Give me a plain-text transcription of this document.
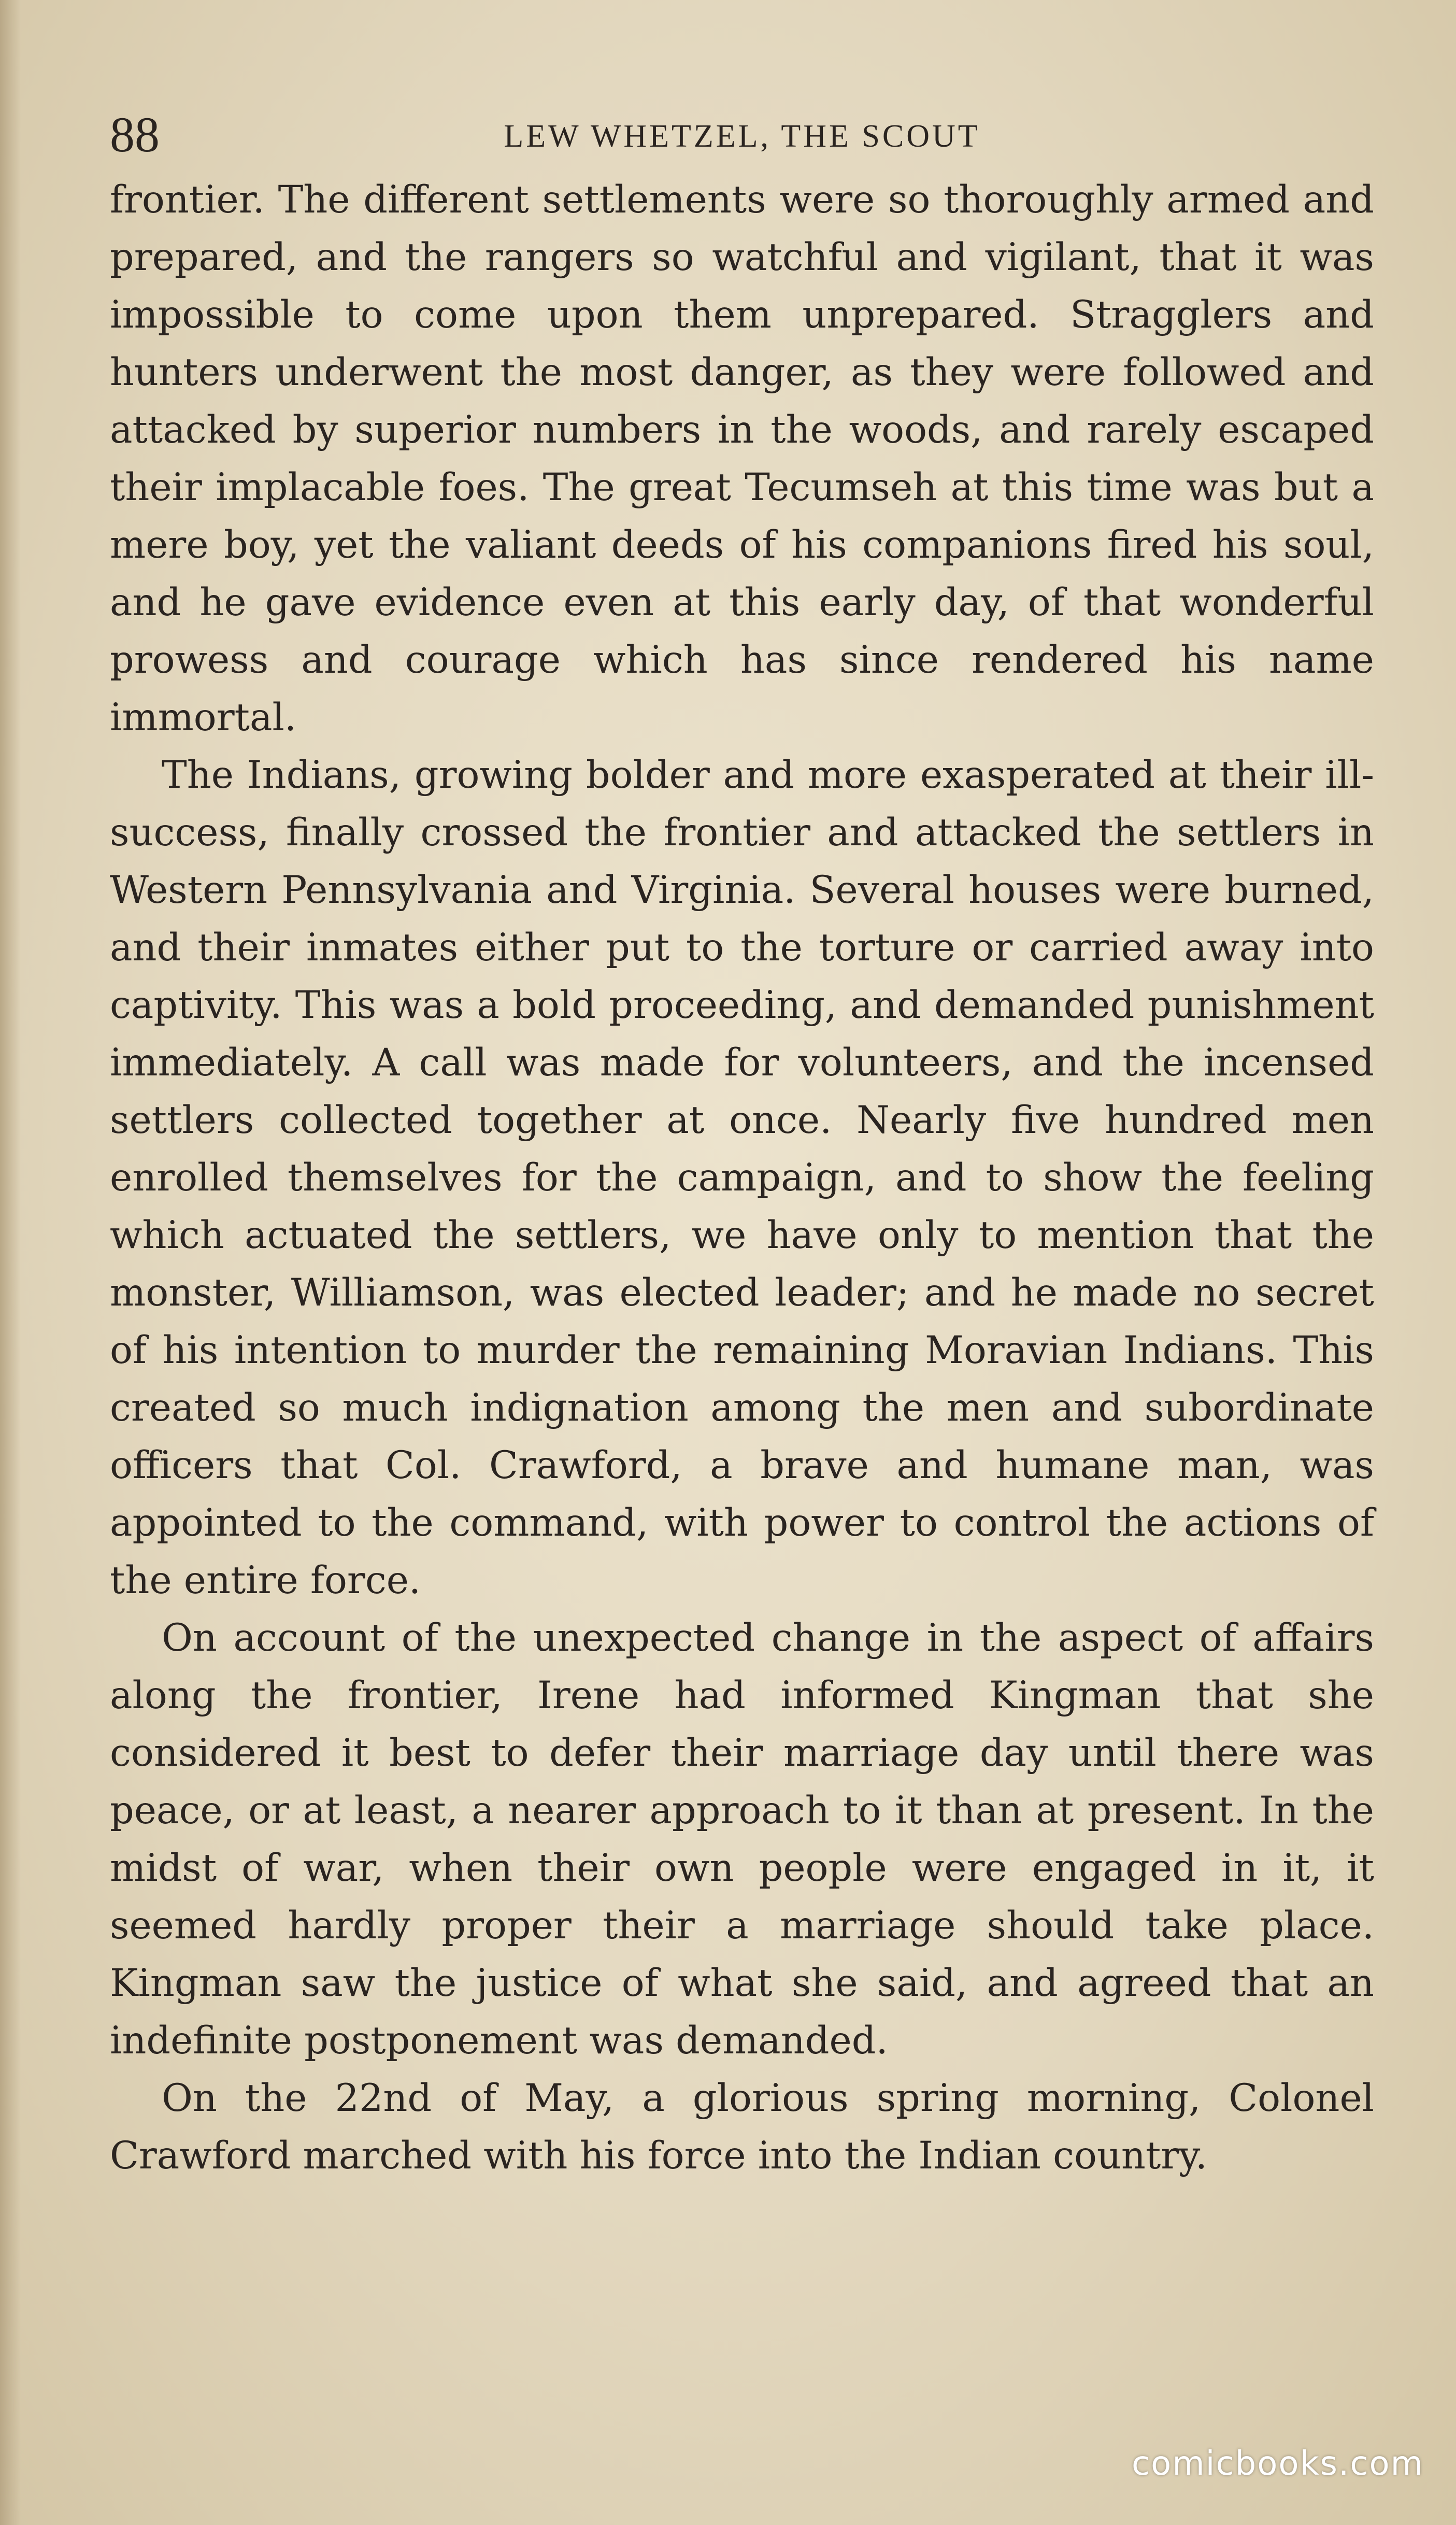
88	LEW WHETZEL, THE SCOUT

frontier. The different settlements were so thoroughly armed and prepared, and the rangers so watchful and vigilant, that it was impossible to come upon them unprepared. Stragglers and hunters underwent the most danger, as they were followed and attacked by superior numbers in the woods, and rarely escaped their implacable foes. The great Tecumseh at this time was but a mere boy, yet the valiant deeds of his companions fired his soul, and he gave evidence even at this early day, of that wonderful prowess and courage which has since rendered his name immortal.

The Indians, growing bolder and more exasperated at their ill-success, finally crossed the frontier and attacked the settlers in Western Pennsylvania and Virginia. Several houses were burned, and their inmates either put to the torture or carried away into captivity. This was a bold proceeding, and demanded punishment immediately. A call was made for volunteers, and the incensed settlers collected together at once. Nearly five hundred men enrolled themselves for the campaign, and to show the feeling which actuated the settlers, we have only to mention that the monster, Williamson, was elected leader; and he made no secret of his intention to murder the remaining Moravian Indians. This created so much indignation among the men and subordinate officers that Col. Crawford, a brave and humane man, was appointed to the command, with power to control the actions of the entire force.

On account of the unexpected change in the aspect of affairs along the frontier, Irene had informed Kingman that she considered it best to defer their marriage day until there was peace, or at least, a nearer approach to it than at present. In the midst of war, when their own people were engaged in it, it seemed hardly proper their a marriage should take place. Kingman saw the justice of what she said, and agreed that an indefinite postponement was demanded.

On the 22nd of May, a glorious spring morning, Colonel Crawford marched with his force into the Indian country.

comicbooks.com
